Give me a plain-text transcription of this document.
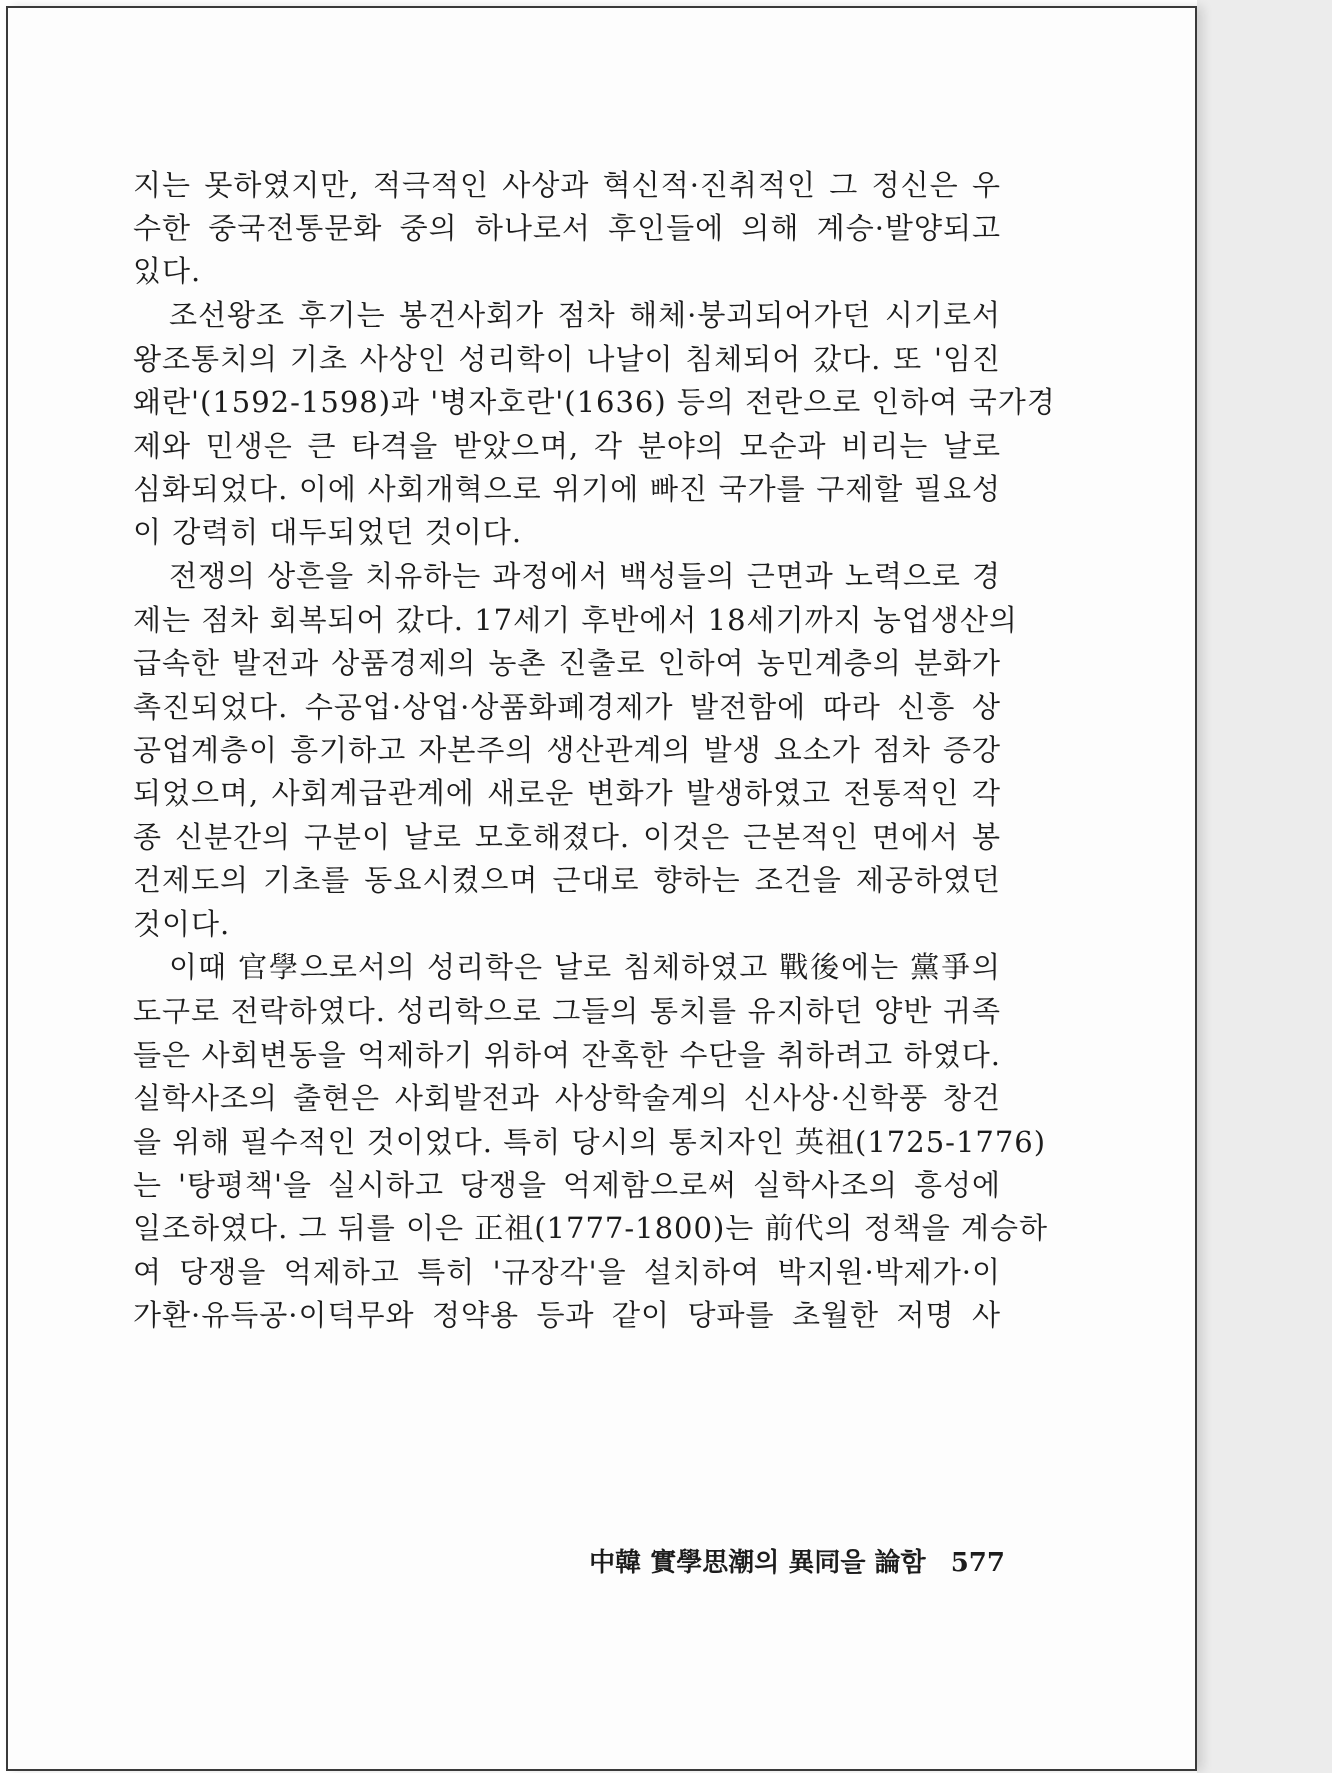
지는 못하였지만, 적극적인 사상과 혁신적·진취적인 그 정신은 우
수한 중국전통문화 중의 하나로서 후인들에 의해 계승·발양되고
있다.
조선왕조 후기는 봉건사회가 점차 해체·붕괴되어가던 시기로서
왕조통치의 기초 사상인 성리학이 나날이 침체되어 갔다. 또 '임진
왜란'(1592-1598)과 '병자호란'(1636) 등의 전란으로 인하여 국가경
제와 민생은 큰 타격을 받았으며, 각 분야의 모순과 비리는 날로
심화되었다. 이에 사회개혁으로 위기에 빠진 국가를 구제할 필요성
이 강력히 대두되었던 것이다.
전쟁의 상흔을 치유하는 과정에서 백성들의 근면과 노력으로 경
제는 점차 회복되어 갔다. 17세기 후반에서 18세기까지 농업생산의
급속한 발전과 상품경제의 농촌 진출로 인하여 농민계층의 분화가
촉진되었다. 수공업·상업·상품화폐경제가 발전함에 따라 신흥 상
공업계층이 흥기하고 자본주의 생산관계의 발생 요소가 점차 증강
되었으며, 사회계급관계에 새로운 변화가 발생하였고 전통적인 각
종 신분간의 구분이 날로 모호해졌다. 이것은 근본적인 면에서 봉
건제도의 기초를 동요시켰으며 근대로 향하는 조건을 제공하였던
것이다.
이때 官學으로서의 성리학은 날로 침체하였고 戰後에는 黨爭의
도구로 전락하였다. 성리학으로 그들의 통치를 유지하던 양반 귀족
들은 사회변동을 억제하기 위하여 잔혹한 수단을 취하려고 하였다.
실학사조의 출현은 사회발전과 사상학술계의 신사상·신학풍 창건
을 위해 필수적인 것이었다. 특히 당시의 통치자인 英祖(1725-1776)
는 '탕평책'을 실시하고 당쟁을 억제함으로써 실학사조의 흥성에
일조하였다. 그 뒤를 이은 正祖(1777-1800)는 前代의 정책을 계승하
여 당쟁을 억제하고 특히 '규장각'을 설치하여 박지원·박제가·이
가환·유득공·이덕무와 정약용 등과 같이 당파를 초월한 저명 사
中韓 實學思潮의 異同을 論함 577
